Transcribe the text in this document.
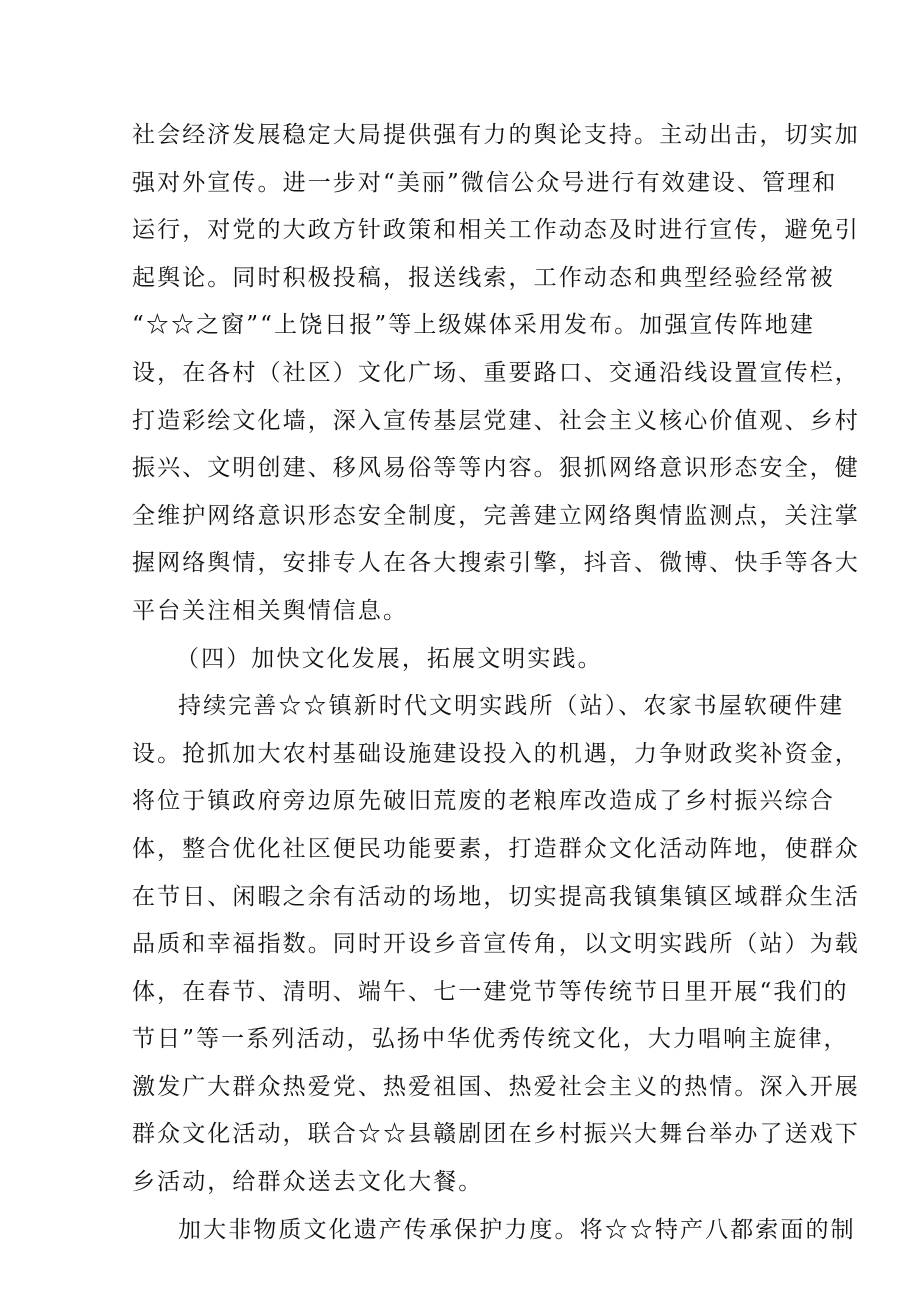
社会经济发展稳定大局提供强有力的舆论支持。主动出击，切实加
强对外宣传。进一步对“美丽”微信公众号进行有效建设、管理和
运行，对党的大政方针政策和相关工作动态及时进行宣传，避免引
起舆论。同时积极投稿，报送线索，工作动态和典型经验经常被
“☆☆之窗”“上饶日报”等上级媒体采用发布。加强宣传阵地建
设，在各村（社区）文化广场、重要路口、交通沿线设置宣传栏，
打造彩绘文化墙，深入宣传基层党建、社会主义核心价值观、乡村
振兴、文明创建、移风易俗等等内容。狠抓网络意识形态安全，健
全维护网络意识形态安全制度，完善建立网络舆情监测点，关注掌
握网络舆情，安排专人在各大搜索引擎，抖音、微博、快手等各大
平台关注相关舆情信息。
（四）加快文化发展，拓展文明实践。
持续完善☆☆镇新时代文明实践所（站）、农家书屋软硬件建
设。抢抓加大农村基础设施建设投入的机遇，力争财政奖补资金，
将位于镇政府旁边原先破旧荒废的老粮库改造成了乡村振兴综合
体，整合优化社区便民功能要素，打造群众文化活动阵地，使群众
在节日、闲暇之余有活动的场地，切实提高我镇集镇区域群众生活
品质和幸福指数。同时开设乡音宣传角，以文明实践所（站）为载
体，在春节、清明、端午、七一建党节等传统节日里开展“我们的
节日”等一系列活动，弘扬中华优秀传统文化，大力唱响主旋律，
激发广大群众热爱党、热爱祖国、热爱社会主义的热情。深入开展
群众文化活动，联合☆☆县赣剧团在乡村振兴大舞台举办了送戏下
乡活动，给群众送去文化大餐。
加大非物质文化遗产传承保护力度。将☆☆特产八都索面的制
